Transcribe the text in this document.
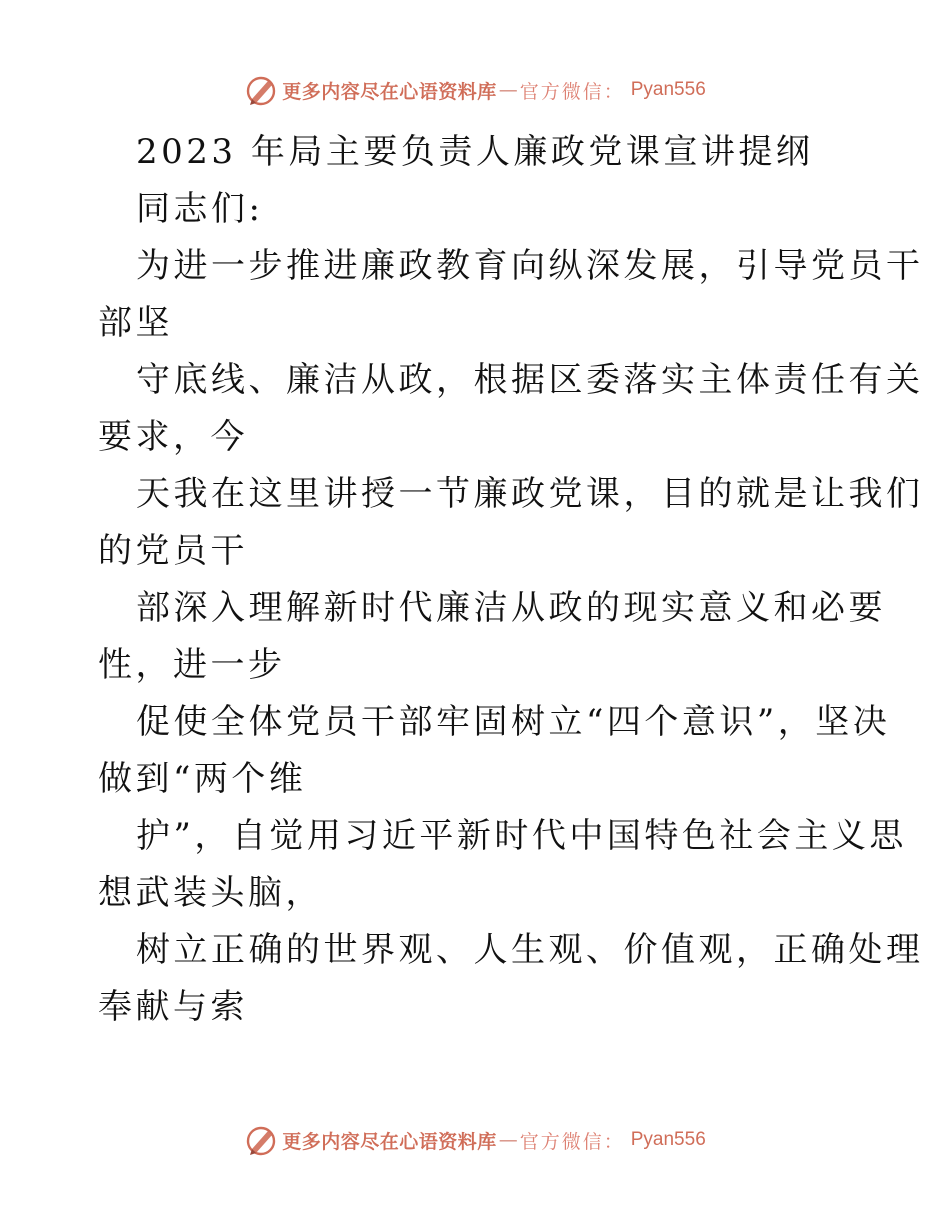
更多内容尽在心语资料库 — 官方微信： Pyan556
2023 年局主要负责人廉政党课宣讲提纲
同志们:
为进一步推进廉政教育向纵深发展，引导党员干
部坚
守底线、廉洁从政，根据区委落实主体责任有关
要求，今
天我在这里讲授一节廉政党课，目的就是让我们
的党员干
部深入理解新时代廉洁从政的现实意义和必要
性，进一步
促使全体党员干部牢固树立“四个意识”，坚决
做到“两个维
护”，自觉用习近平新时代中国特色社会主义思
想武装头脑，
树立正确的世界观、人生观、价值观，正确处理
奉献与索
更多内容尽在心语资料库 — 官方微信： Pyan556
